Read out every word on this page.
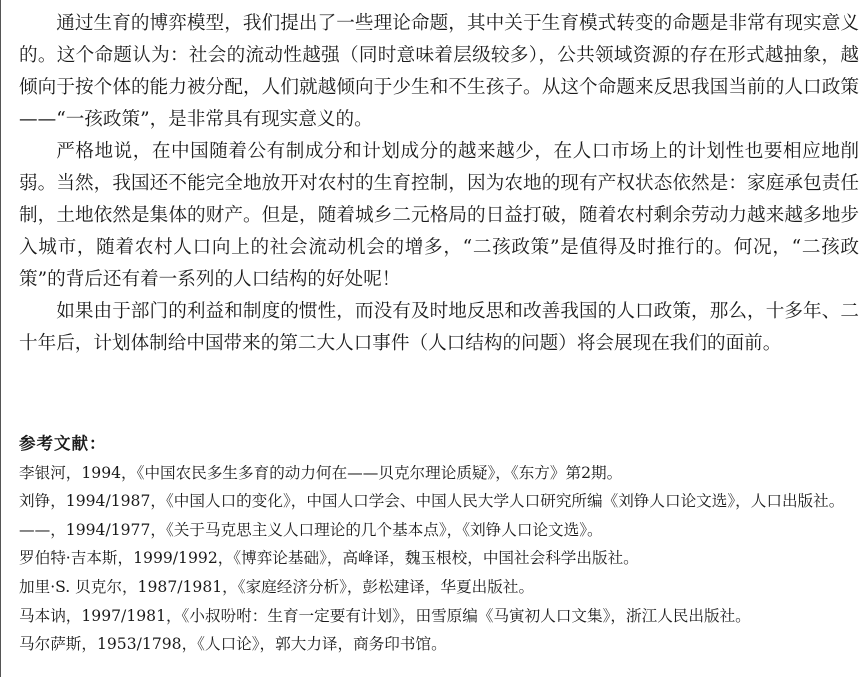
通过生育的博弈模型，我们提出了一些理论命题，其中关于生育模式转变的命题是非常有现实意义的。这个命题认为：社会的流动性越强（同时意味着层级较多），公共领域资源的存在形式越抽象，越倾向于按个体的能力被分配，人们就越倾向于少生和不生孩子。从这个命题来反思我国当前的人口政策——“一孩政策”，是非常具有现实意义的。

严格地说，在中国随着公有制成分和计划成分的越来越少，在人口市场上的计划性也要相应地削弱。当然，我国还不能完全地放开对农村的生育控制，因为农地的现有产权状态依然是：家庭承包责任制，土地依然是集体的财产。但是，随着城乡二元格局的日益打破，随着农村剩余劳动力越来越多地步入城市，随着农村人口向上的社会流动机会的增多，“二孩政策”是值得及时推行的。何况，“二孩政策”的背后还有着一系列的人口结构的好处呢！

如果由于部门的利益和制度的惯性，而没有及时地反思和改善我国的人口政策，那么，十多年、二十年后，计划体制给中国带来的第二大人口事件（人口结构的问题）将会展现在我们的面前。

参考文献：

李银河，1994，《中国农民多生多育的动力何在——贝克尔理论质疑》，《东方》第2期。
刘铮，1994/1987，《中国人口的变化》，中国人口学会、中国人民大学人口研究所编《刘铮人口论文选》，人口出版社。
——，1994/1977，《关于马克思主义人口理论的几个基本点》，《刘铮人口论文选》。
罗伯特·吉本斯，1999/1992，《博弈论基础》，高峰译，魏玉根校，中国社会科学出版社。
加里·S. 贝克尔，1987/1981，《家庭经济分析》，彭松建译，华夏出版社。
马本讷，1997/1981，《小叔吩咐：生育一定要有计划》，田雪原编《马寅初人口文集》，浙江人民出版社。
马尔萨斯，1953/1798，《人口论》，郭大力译，商务印书馆。
